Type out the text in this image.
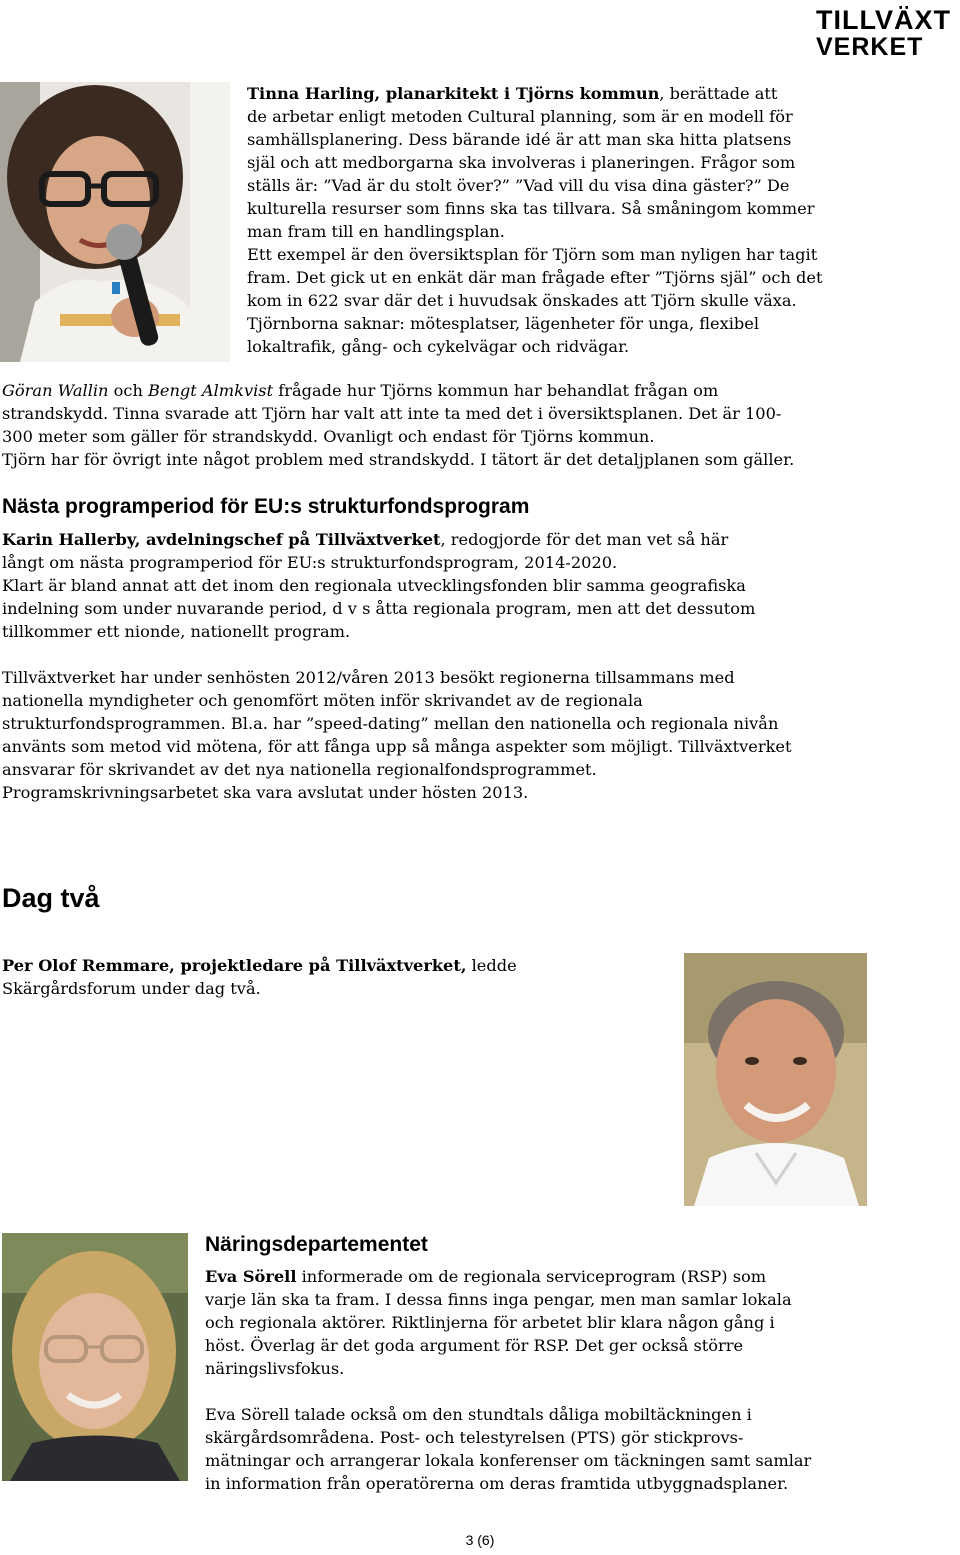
TILLVÄXT
VERKET

Tinna Harling, planarkitekt i Tjörns kommun, berättade att
de arbetar enligt metoden Cultural planning, som är en modell för
samhällsplanering. Dess bärande idé är att man ska hitta platsens
själ och att medborgarna ska involveras i planeringen. Frågor som
ställs är: ”Vad är du stolt över?” ”Vad vill du visa dina gäster?” De
kulturella resurser som finns ska tas tillvara. Så småningom kommer
man fram till en handlingsplan.
Ett exempel är den översiktsplan för Tjörn som man nyligen har tagit
fram. Det gick ut en enkät där man frågade efter ”Tjörns själ” och det
kom in 622 svar där det i huvudsak önskades att Tjörn skulle växa.
Tjörnborna saknar: mötesplatser, lägenheter för unga, flexibel
lokaltrafik, gång- och cykelvägar och ridvägar.

Göran Wallin och Bengt Almkvist frågade hur Tjörns kommun har behandlat frågan om
strandskydd. Tinna svarade att Tjörn har valt att inte ta med det i översiktsplanen. Det är 100-
300 meter som gäller för strandskydd. Ovanligt och endast för Tjörns kommun.
Tjörn har för övrigt inte något problem med strandskydd. I tätort är det detaljplanen som gäller.

Nästa programperiod för EU:s strukturfondsprogram

Karin Hallerby, avdelningschef på Tillväxtverket, redogjorde för det man vet så här
långt om nästa programperiod för EU:s strukturfondsprogram, 2014-2020.
Klart är bland annat att det inom den regionala utvecklingsfonden blir samma geografiska
indelning som under nuvarande period, d v s åtta regionala program, men att det dessutom
tillkommer ett nionde, nationellt program.

Tillväxtverket har under senhösten 2012/våren 2013 besökt regionerna tillsammans med
nationella myndigheter och genomfört möten inför skrivandet av de regionala
strukturfondsprogrammen. Bl.a. har ”speed-dating” mellan den nationella och regionala nivån
använts som metod vid mötena, för att fånga upp så många aspekter som möjligt. Tillväxtverket
ansvarar för skrivandet av det nya nationella regionalfondsprogrammet.
Programskrivningsarbetet ska vara avslutat under hösten 2013.

Dag två

Per Olof Remmare, projektledare på Tillväxtverket, ledde
Skärgårdsforum under dag två.

Näringsdepartementet

Eva Sörell informerade om de regionala serviceprogram (RSP) som
varje län ska ta fram. I dessa finns inga pengar, men man samlar lokala
och regionala aktörer. Riktlinjerna för arbetet blir klara någon gång i
höst. Överlag är det goda argument för RSP. Det ger också större
näringslivsfokus.

Eva Sörell talade också om den stundtals dåliga mobiltäckningen i
skärgårdsområdena. Post- och telestyrelsen (PTS) gör stickprovs-
mätningar och arrangerar lokala konferenser om täckningen samt samlar
in information från operatörerna om deras framtida utbyggnadsplaner.

3 (6)
